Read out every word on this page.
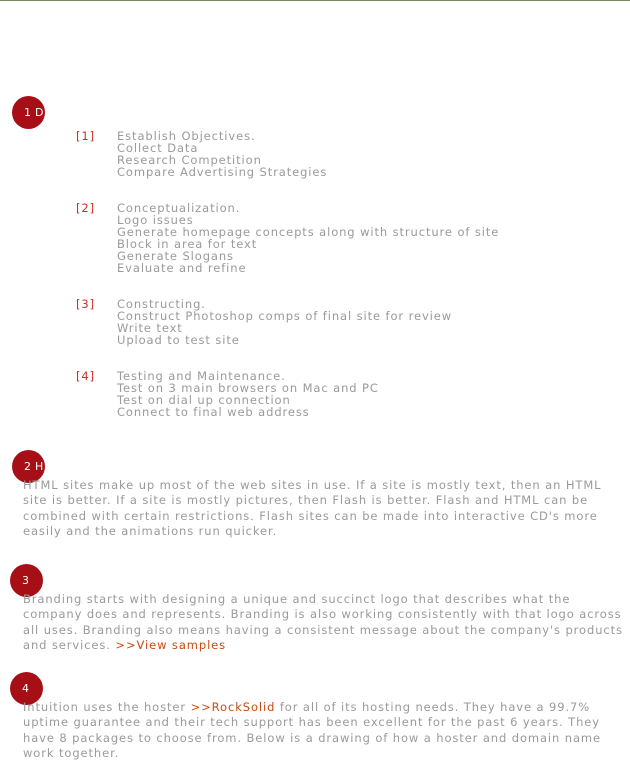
1 D
[1] Establish Objectives.
Collect Data
Research Competition
Compare Advertising Strategies
[2] Conceptualization.
Logo issues
Generate homepage concepts along with structure of site
Block in area for text
Generate Slogans
Evaluate and refine
[3] Constructing.
Construct Photoshop comps of final site for review
Write text
Upload to test site
[4] Testing and Maintenance.
Test on 3 main browsers on Mac and PC
Test on dial up connection
Connect to final web address
2 H
HTML sites make up most of the web sites in use. If a site is mostly text, then an HTML site is better. If a site is mostly pictures, then Flash is better. Flash and HTML can be combined with certain restrictions. Flash sites can be made into interactive CD's more easily and the animations run quicker.
3
Branding starts with designing a unique and succinct logo that describes what the company does and represents. Branding is also working consistently with that logo across all uses. Branding also means having a consistent message about the company's products and services. >>View samples
4
Intuition uses the hoster >>RockSolid for all of its hosting needs. They have a 99.7% uptime guarantee and their tech support has been excellent for the past 6 years. They have 8 packages to choose from. Below is a drawing of how a hoster and domain name work together.
